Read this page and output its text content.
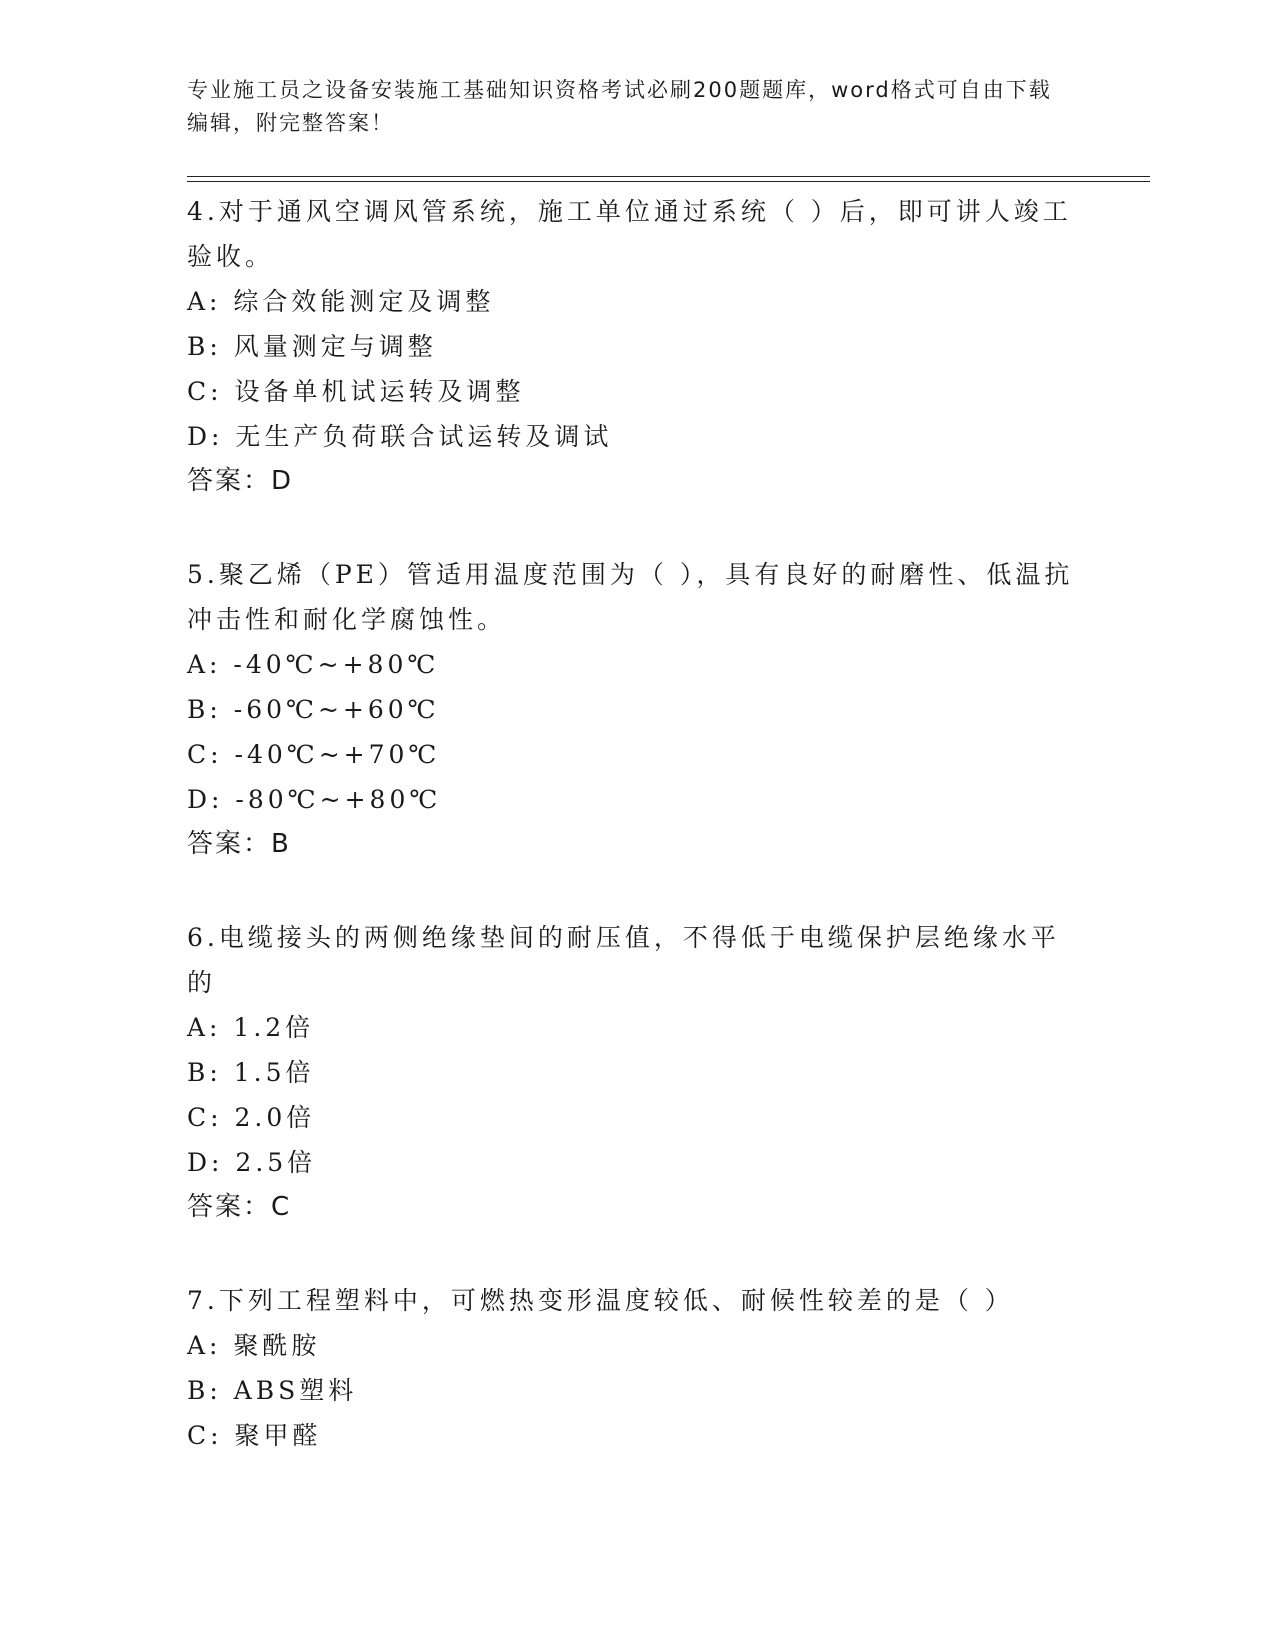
专业施工员之设备安装施工基础知识资格考试必刷200题题库，word格式可自由下载编辑，附完整答案！

4.对于通风空调风管系统，施工单位通过系统（ ）后，即可讲人竣工验收。

A: 综合效能测定及调整

B: 风量测定与调整

C: 设备单机试运转及调整

D: 无生产负荷联合试运转及调试

答案：D

5.聚乙烯（PE）管适用温度范围为（ ），具有良好的耐磨性、低温抗冲击性和耐化学腐蚀性。

A: -40℃~+80℃

B: -60℃~+60℃

C: -40℃~+70℃

D: -80℃~+80℃

答案：B

6.电缆接头的两侧绝缘垫间的耐压值，不得低于电缆保护层绝缘水平的

A: 1.2倍

B: 1.5倍

C: 2.0倍

D: 2.5倍

答案：C

7.下列工程塑料中，可燃热变形温度较低、耐候性较差的是（ ）

A: 聚酰胺

B: ABS塑料

C: 聚甲醛
